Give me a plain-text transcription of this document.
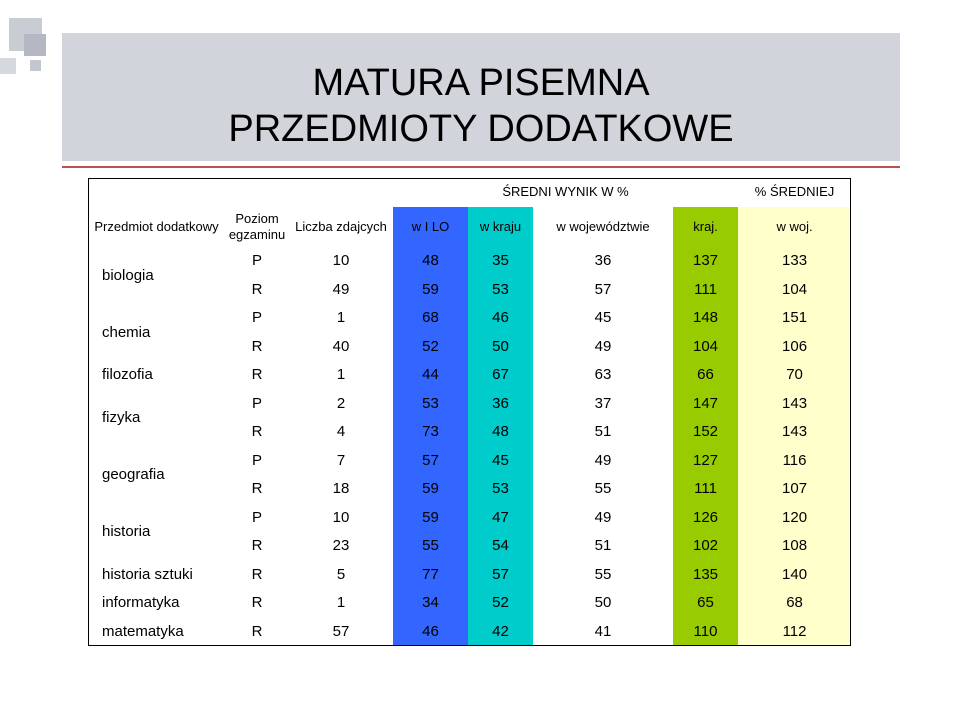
MATURA PISEMNA
PRZEDMIOTY DODATKOWE
			ŚREDNI WYNIK W %				% ŚREDNIEJ
Przedmiot dodatkowy	Poziom egzaminu	Liczba zdajcych	w I LO	w kraju	w województwie	kraj.	w woj.
biologia	P	10	48	35	36	137	133
	R	49	59	53	57	111	104
chemia	P	1	68	46	45	148	151
	R	40	52	50	49	104	106
filozofia	R	1	44	67	63	66	70
fizyka	P	2	53	36	37	147	143
	R	4	73	48	51	152	143
geografia	P	7	57	45	49	127	116
	R	18	59	53	55	111	107
historia	P	10	59	47	49	126	120
	R	23	55	54	51	102	108
historia sztuki	R	5	77	57	55	135	140
informatyka	R	1	34	52	50	65	68
matematyka	R	57	46	42	41	110	112
